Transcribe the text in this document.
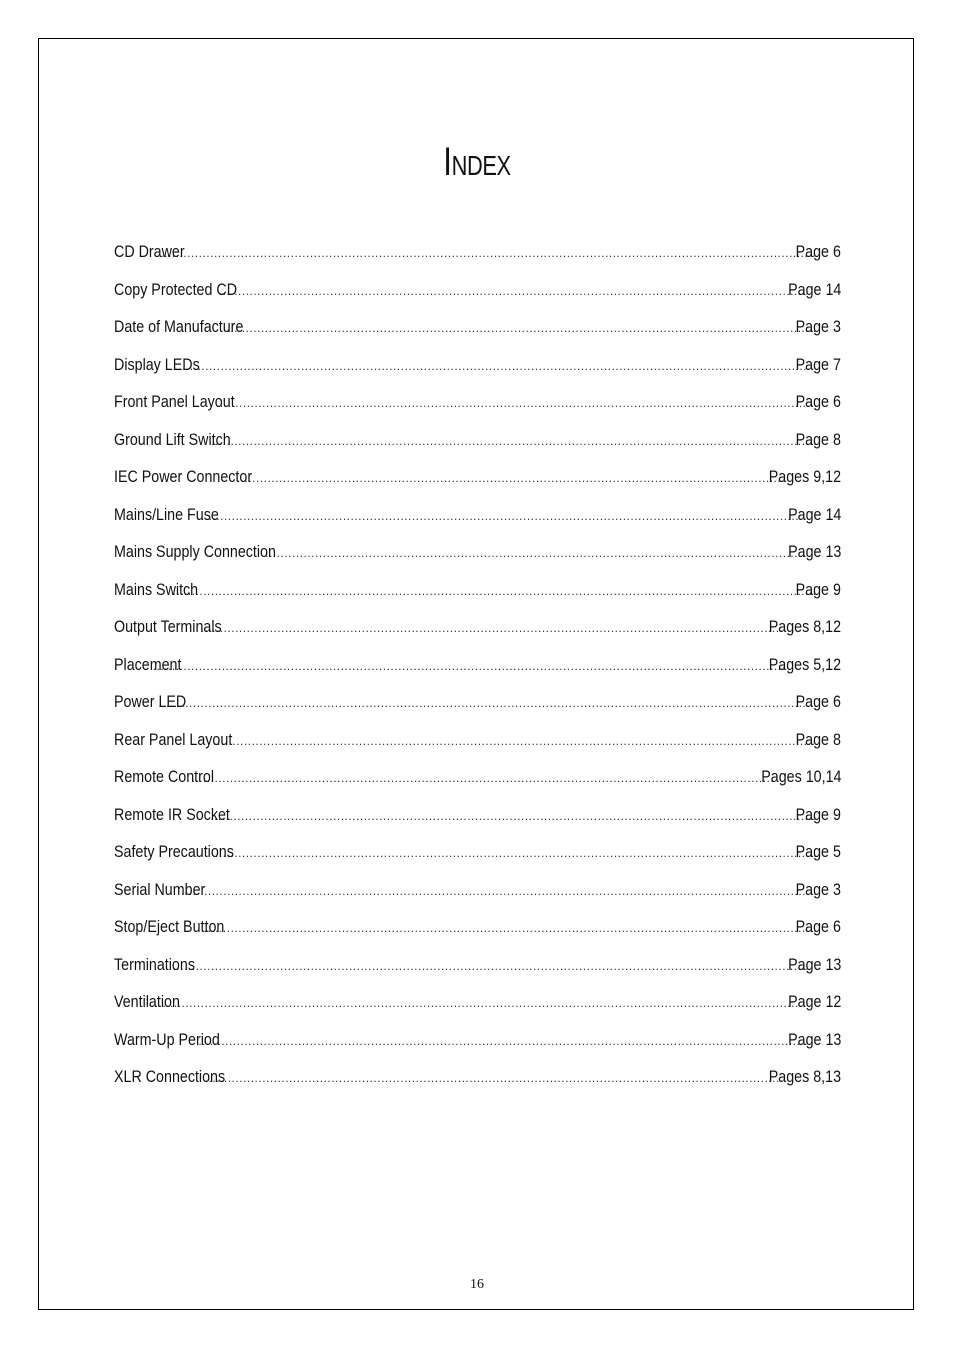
Index
CD Drawer .....	Page 6
Copy Protected CD .....	Page 14
Date of Manufacture .....	Page 3
Display LEDs .....	Page 7
Front Panel Layout .....	Page 6
Ground Lift Switch .....	Page 8
IEC Power Connector .....	Pages 9,12
Mains/Line Fuse .....	Page 14
Mains Supply Connection .....	Page 13
Mains Switch .....	Page 9
Output Terminals .....	Pages 8,12
Placement .....	Pages 5,12
Power LED .....	Page 6
Rear Panel Layout .....	Page 8
Remote Control .....	Pages 10,14
Remote IR Socket .....	Page 9
Safety Precautions .....	Page 5
Serial Number .....	Page 3
Stop/Eject Button .....	Page 6
Terminations .....	Page 13
Ventilation .....	Page 12
Warm-Up Period .....	Page 13
XLR Connections .....	Pages 8,13
16
